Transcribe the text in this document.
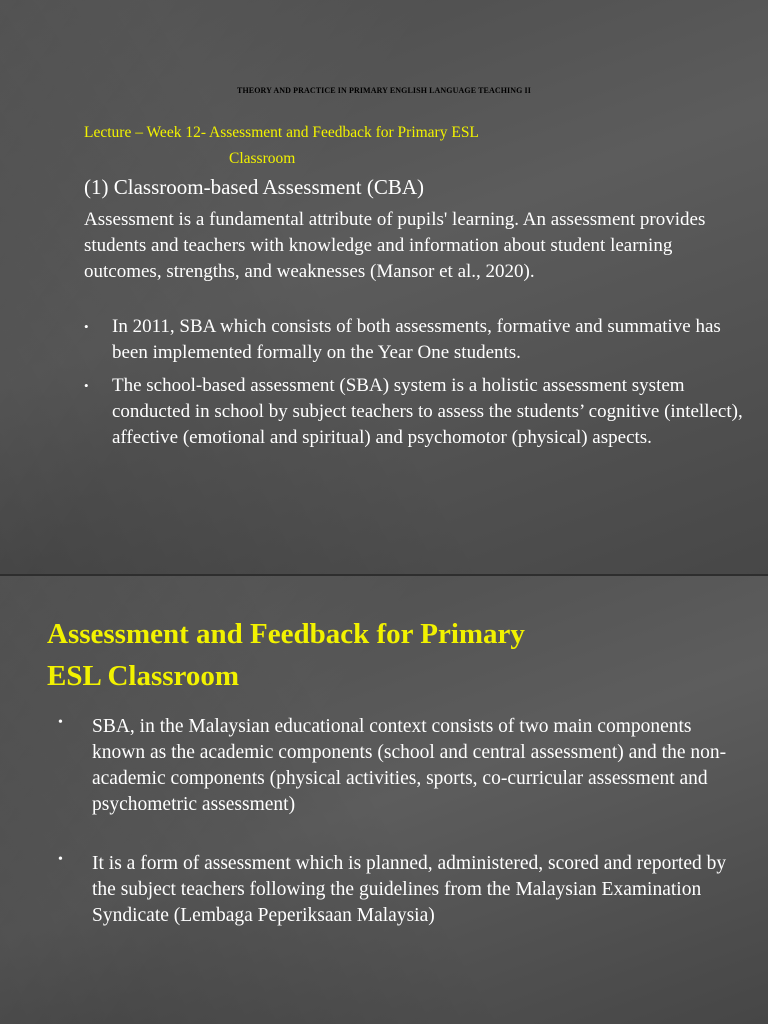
THEORY AND PRACTICE IN PRIMARY ENGLISH LANGUAGE TEACHING II
Lecture – Week 12- Assessment and Feedback for Primary ESL
Classroom
(1) Classroom-based Assessment (CBA)
Assessment is a fundamental attribute of pupils' learning. An assessment provides students and teachers with knowledge and information about student learning outcomes, strengths, and weaknesses (Mansor et al., 2020).
• In 2011, SBA which consists of both assessments, formative and summative has been implemented formally on the Year One students.
• The school-based assessment (SBA) system is a holistic assessment system conducted in school by subject teachers to assess the students’ cognitive (intellect), affective (emotional and spiritual) and psychomotor (physical) aspects.
Assessment and Feedback for Primary
ESL Classroom
• SBA, in the Malaysian educational context consists of two main components known as the academic components (school and central assessment) and the non-academic components (physical activities, sports, co-curricular assessment and psychometric assessment)
• It is a form of assessment which is planned, administered, scored and reported by the subject teachers following the guidelines from the Malaysian Examination Syndicate (Lembaga Peperiksaan Malaysia)
